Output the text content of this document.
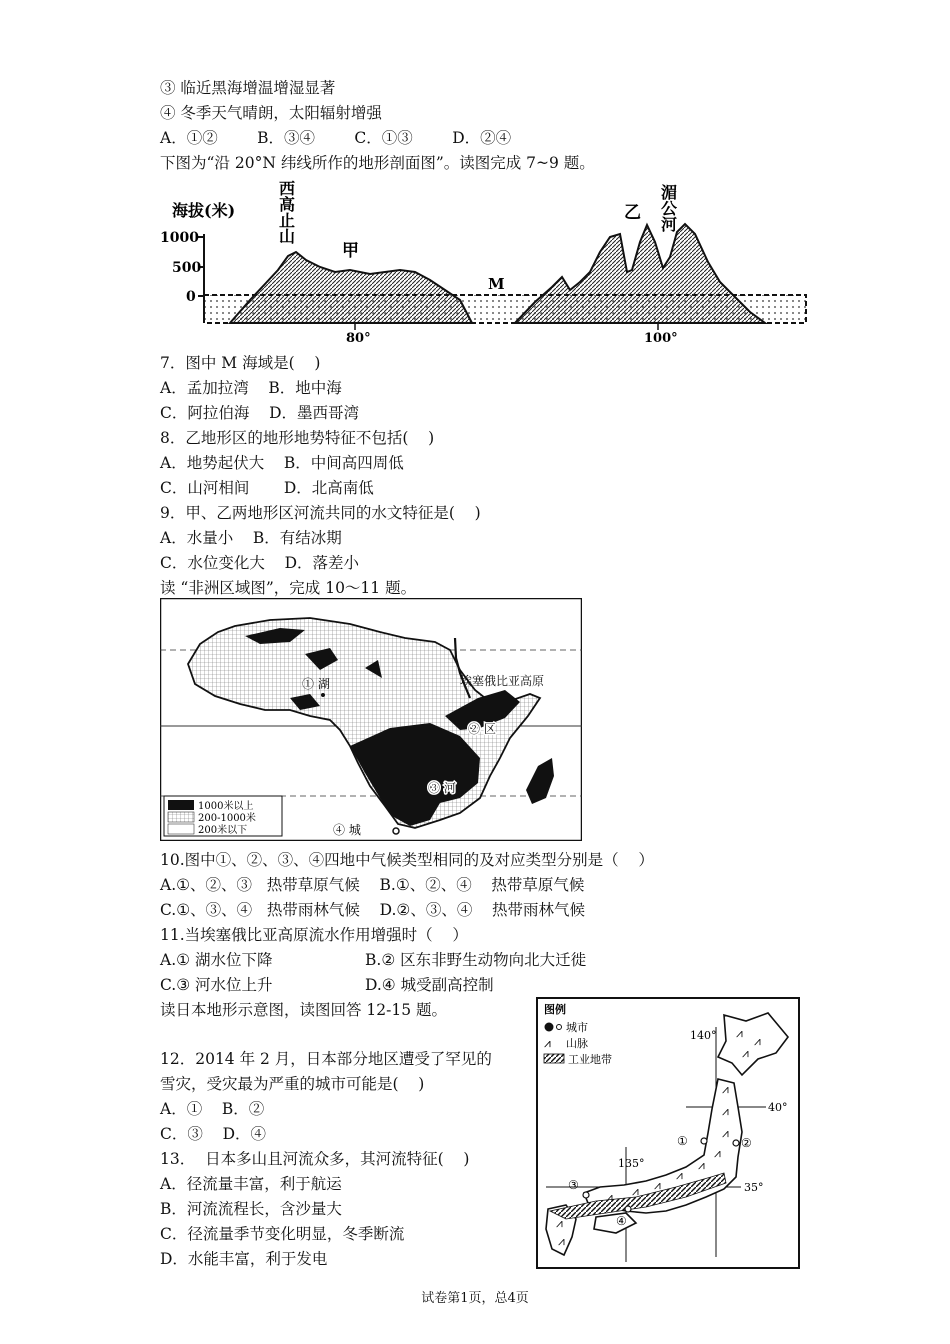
③ 临近黑海增温增湿显著
④ 冬季天气晴朗，太阳辐射增强
A．①②        B．③④        C．①③        D．②④
下图为“沿 20°N 纬线所作的地形剖面图”。读图完成 7~9 题。
海拔(米)
1000
500
0
80°	100°
西高止山
甲
乙
M
湄公河
7．图中 M 海域是(    )
A．孟加拉湾    B．地中海
C．阿拉伯海    D．墨西哥湾
8．乙地形区的地形地势特征不包括(    )
A．地势起伏大    B．中间高四周低
C．山河相间       D．北高南低
9．甲、乙两地形区河流共同的水文特征是(    )
A．水量小    B．有结冰期
C．水位变化大    D．落差小
读 “非洲区域图”，完成 10～11 题。
① 湖	埃塞俄比亚高原
② 区
③ 河
④ 城
1000米以上
200-1000米
200米以下
10.图中①、②、③、④四地中气候类型相同的及对应类型分别是（    ）
A.①、②、③   热带草原气候    B.①、②、④    热带草原气候
C.①、③、④   热带雨林气候    D.②、③、④    热带雨林气候
11.当埃塞俄比亚高原流水作用增强时（    ）
A.① 湖水位下降	B.② 区东非野生动物向北大迁徙
C.③ 河水位上升	D.④ 城受副高控制
读日本地形示意图，读图回答 12-15 题。
12．2014 年 2 月，日本部分地区遭受了罕见的
雪灾，受灾最为严重的城市可能是(    )
A．①    B．②
C．③    D．④
13．  日本多山且河流众多，其河流特征(    )
A．径流量丰富，利于航运
B．河流流程长，含沙量大
C．径流量季节变化明显，冬季断流
D．水能丰富，利于发电
图例
城市
⩘ 山脉
工业地带
140°
40°
135°
35°
⩘
⩘
⩘
⩘
⩘
⩘
⩘
⩘
⩘
⩘
⩘
⩘
⩘
⩘
①	②
③
④
试卷第1页，总4页
